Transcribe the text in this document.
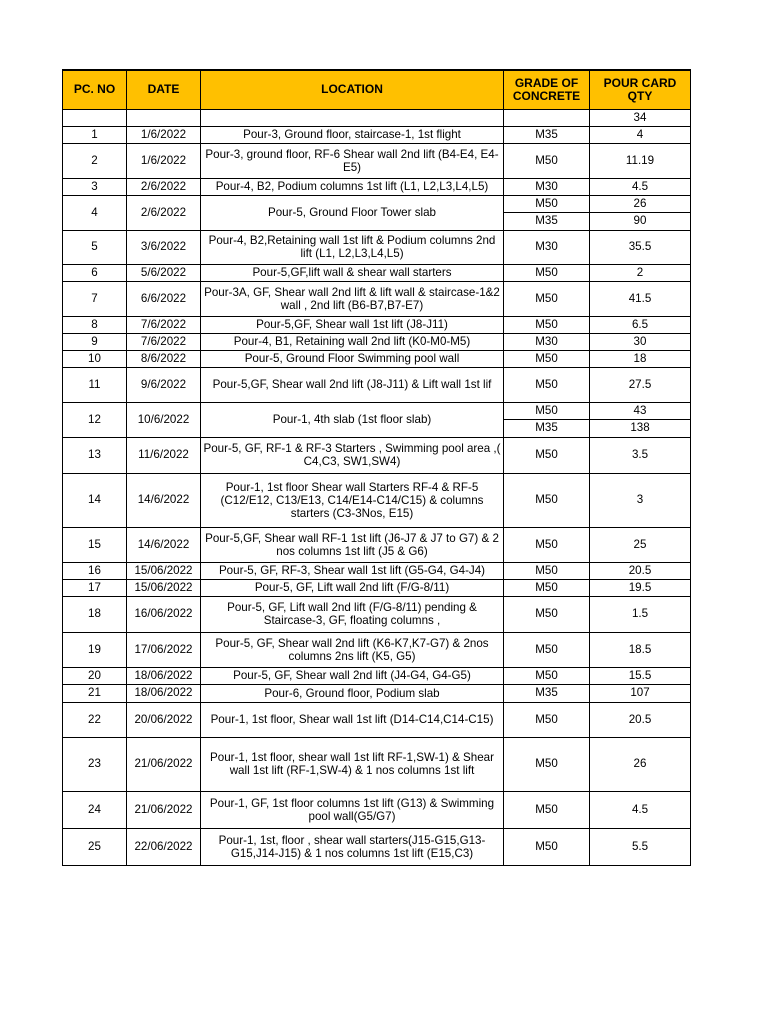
PC. NO	DATE	LOCATION	GRADE OF CONCRETE	POUR CARD QTY
				34
1	1/6/2022	Pour-3, Ground floor, staircase-1, 1st flight	M35	4
2	1/6/2022	Pour-3, ground floor, RF-6 Shear wall 2nd lift (B4-E4, E4-E5)	M50	11.19
3	2/6/2022	Pour-4, B2, Podium columns 1st lift (L1, L2,L3,L4,L5)	M30	4.5
4	2/6/2022	Pour-5, Ground Floor Tower slab	M50	26
			M35	90
5	3/6/2022	Pour-4, B2,Retaining wall 1st lift & Podium columns 2nd lift (L1, L2,L3,L4,L5)	M30	35.5
6	5/6/2022	Pour-5,GF,lift wall & shear wall starters	M50	2
7	6/6/2022	Pour-3A, GF, Shear wall 2nd lift & lift wall & staircase-1&2 wall , 2nd lift (B6-B7,B7-E7)	M50	41.5
8	7/6/2022	Pour-5,GF, Shear wall 1st lift (J8-J11)	M50	6.5
9	7/6/2022	Pour-4, B1, Retaining wall 2nd lift (K0-M0-M5)	M30	30
10	8/6/2022	Pour-5, Ground Floor Swimming pool wall	M50	18
11	9/6/2022	Pour-5,GF, Shear wall 2nd lift (J8-J11) & Lift wall 1st lif	M50	27.5
12	10/6/2022	Pour-1, 4th slab (1st floor slab)	M50	43
			M35	138
13	11/6/2022	Pour-5, GF, RF-1 & RF-3 Starters , Swimming pool area ,( C4,C3, SW1,SW4)	M50	3.5
14	14/6/2022	Pour-1, 1st floor Shear wall Starters RF-4 & RF-5 (C12/E12, C13/E13, C14/E14-C14/C15) & columns starters (C3-3Nos, E15)	M50	3
15	14/6/2022	Pour-5,GF, Shear wall RF-1 1st lift (J6-J7 & J7 to G7) & 2 nos columns 1st lift (J5 & G6)	M50	25
16	15/06/2022	Pour-5, GF, RF-3, Shear wall 1st lift (G5-G4, G4-J4)	M50	20.5
17	15/06/2022	Pour-5, GF, Lift wall 2nd lift (F/G-8/11)	M50	19.5
18	16/06/2022	Pour-5, GF, Lift wall 2nd lift (F/G-8/11) pending & Staircase-3, GF, floating columns ,	M50	1.5
19	17/06/2022	Pour-5, GF, Shear wall 2nd lift (K6-K7,K7-G7) & 2nos columns 2ns lift (K5, G5)	M50	18.5
20	18/06/2022	Pour-5, GF, Shear wall 2nd lift (J4-G4, G4-G5)	M50	15.5
21	18/06/2022	Pour-6, Ground floor, Podium slab	M35	107
22	20/06/2022	Pour-1, 1st floor, Shear wall 1st lift (D14-C14,C14-C15)	M50	20.5
23	21/06/2022	Pour-1, 1st floor, shear wall 1st lift RF-1,SW-1) & Shear wall 1st lift (RF-1,SW-4) & 1 nos columns 1st lift	M50	26
24	21/06/2022	Pour-1, GF, 1st floor columns 1st lift (G13) & Swimming pool wall(G5/G7)	M50	4.5
25	22/06/2022	Pour-1, 1st, floor , shear wall starters(J15-G15,G13-G15,J14-J15) & 1 nos columns 1st lift (E15,C3)	M50	5.5
